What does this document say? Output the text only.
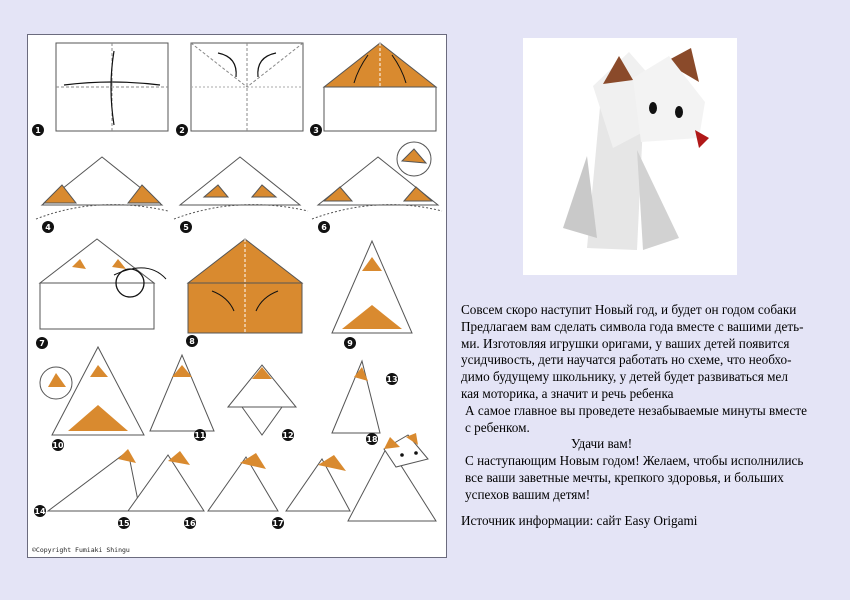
1	2	3
4	5	6
7	8	9
10
11	12
13
14
15	16	17
18
©Copyright Fumiaki Shingu

Совсем скоро наступит Новый год, и будет он годом собаки

Предлагаем вам сделать символа года вместе с вашими деть-

ми. Изготовляя игрушки оригами, у ваших детей появится

усидчивость, дети научатся работать но схеме, что необхо-

димо будущему школьнику, у детей будет развиваться мел

кая моторика, а значит и речь ребенка

А самое главное вы проведете незабываемые минуты вместе

с ребенком.

Удачи вам!

С наступающим Новым годом! Желаем, чтобы исполнились

все ваши заветные мечты, крепкого здоровья, и больших

успехов вашим детям!

Источник информации: сайт Easy Origami
